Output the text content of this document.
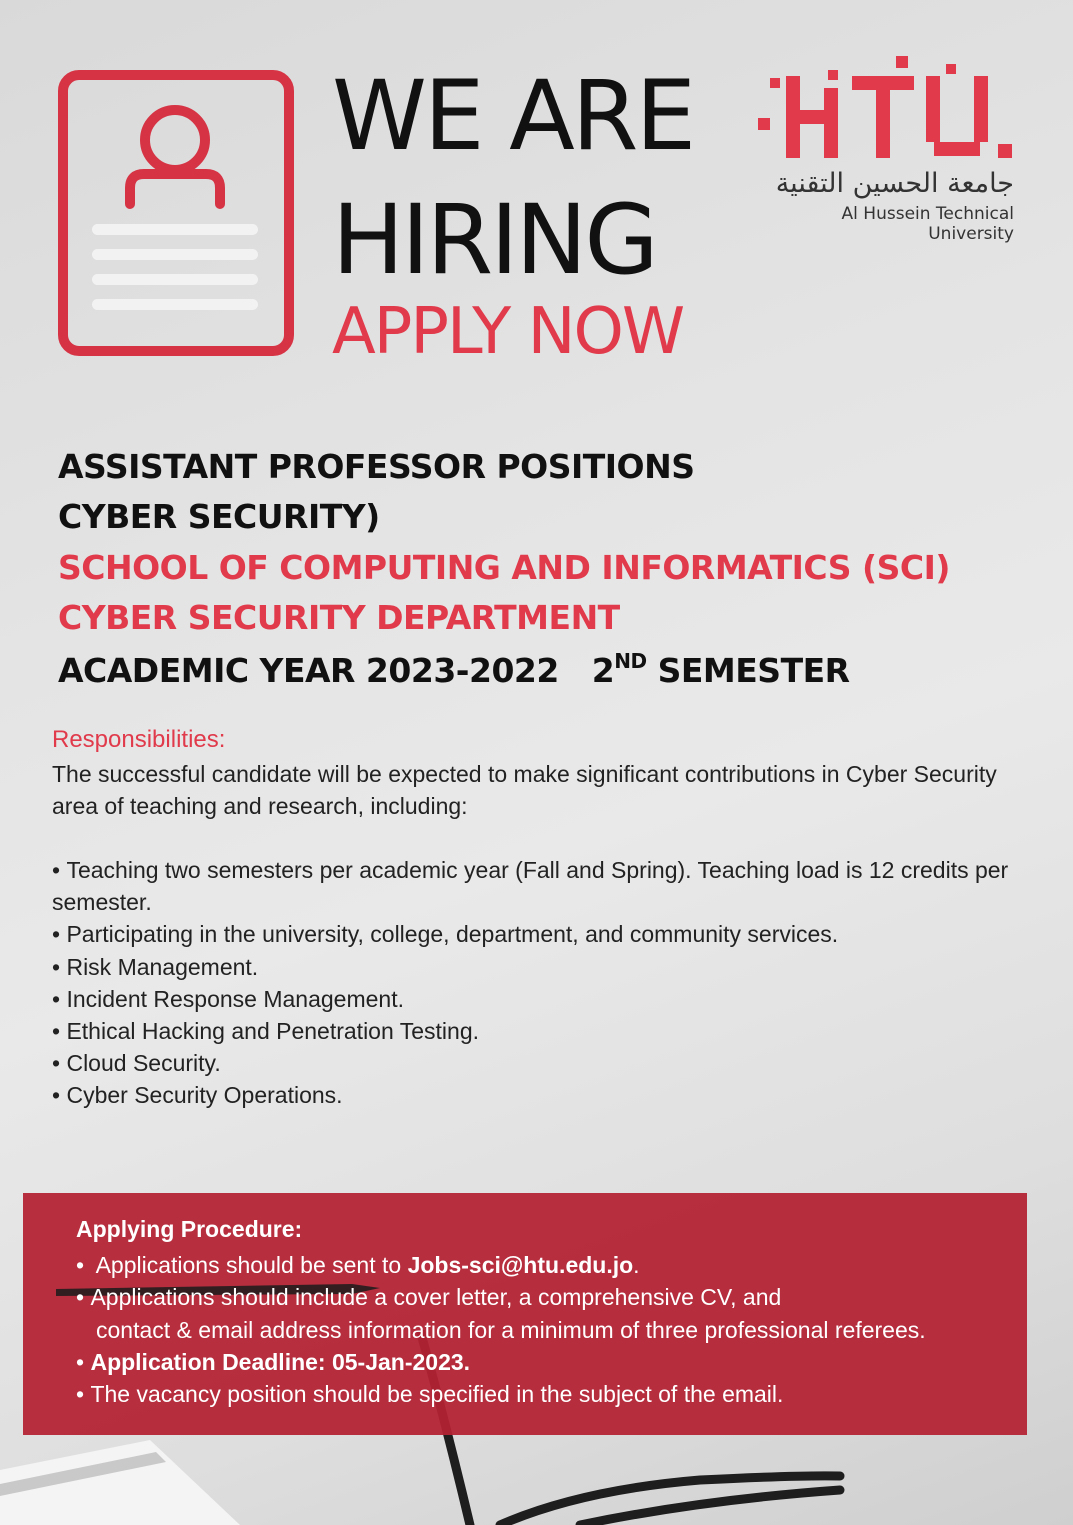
WE ARE
HIRING
APPLY NOW
جامعة الحسين التقنية
Al Hussein Technical University
ASSISTANT PROFESSOR POSITIONS
CYBER SECURITY)
SCHOOL OF COMPUTING AND INFORMATICS (SCI)
CYBER SECURITY DEPARTMENT
ACADEMIC YEAR 2023-2022 2ND SEMESTER
Responsibilities:

The successful candidate will be expected to make significant contributions in Cyber Security area of teaching and research, including:

• Teaching two semesters per academic year (Fall and Spring). Teaching load is 12 credits per semester.
• Participating in the university, college, department, and community services.
• Risk Management.
• Incident Response Management.
• Ethical Hacking and Penetration Testing.
• Cloud Security.
• Cyber Security Operations.
Applying Procedure:
• Applications should be sent to Jobs-sci@htu.edu.jo.
• Applications should include a cover letter, a comprehensive CV, and
contact & email address information for a minimum of three professional referees.
• Application Deadline: 05-Jan-2023.
• The vacancy position should be specified in the subject of the email.
